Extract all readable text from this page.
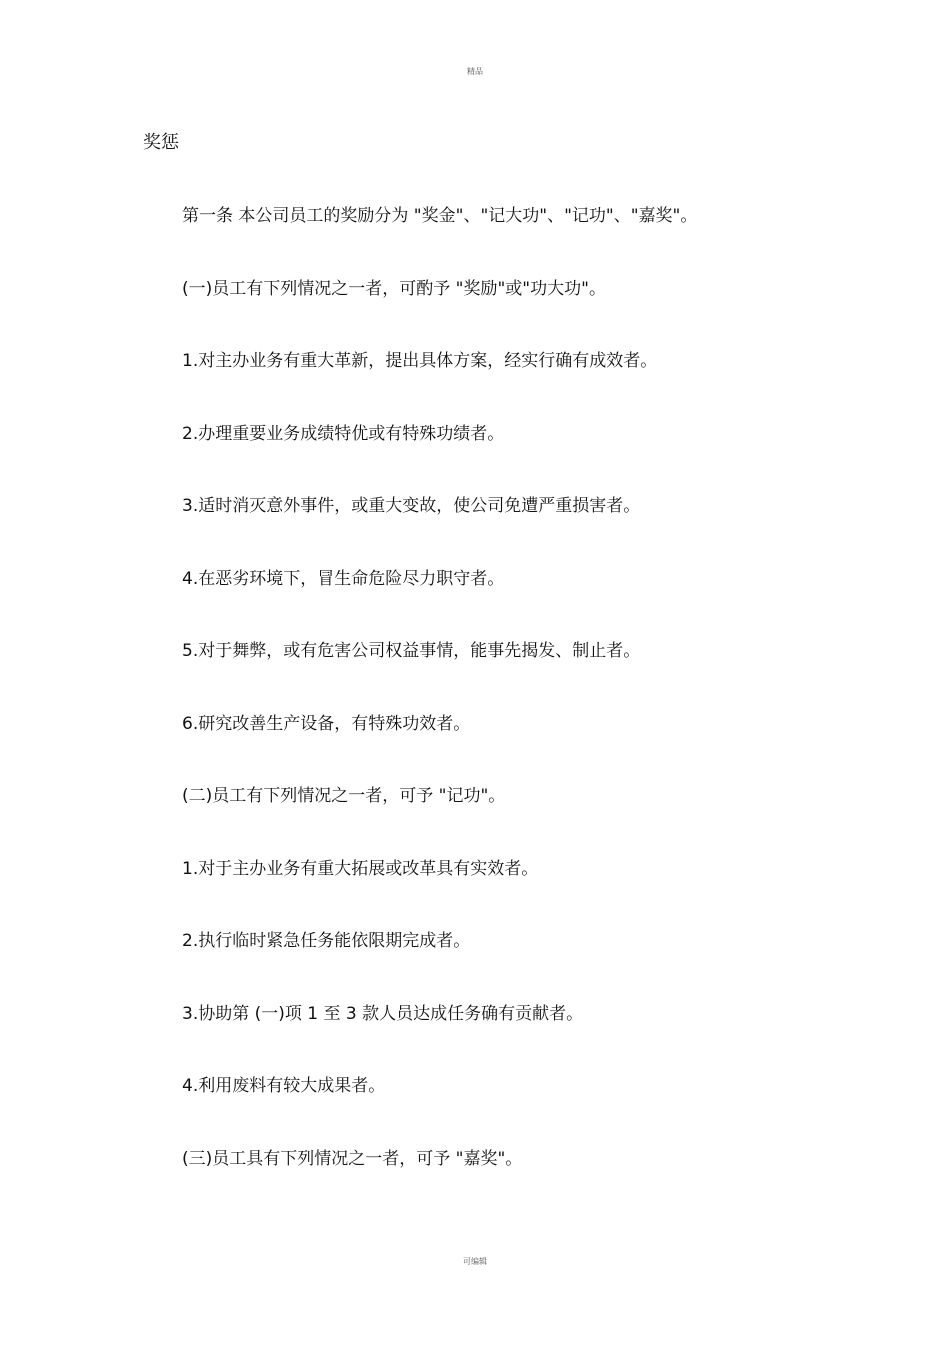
精品
奖惩
第一条 本公司员工的奖励分为 "奖金"、"记大功"、"记功"、"嘉奖"。
(一)员工有下列情况之一者，可酌予 "奖励"或"功大功"。
1.对主办业务有重大革新，提出具体方案，经实行确有成效者。
2.办理重要业务成绩特优或有特殊功绩者。
3.适时消灭意外事件，或重大变故，使公司免遭严重损害者。
4.在恶劣环境下，冒生命危险尽力职守者。
5.对于舞弊，或有危害公司权益事情，能事先揭发、制止者。
6.研究改善生产设备，有特殊功效者。
(二)员工有下列情况之一者，可予 "记功"。
1.对于主办业务有重大拓展或改革具有实效者。
2.执行临时紧急任务能依限期完成者。
3.协助第 (一)项 1 至 3 款人员达成任务确有贡献者。
4.利用废料有较大成果者。
(三)员工具有下列情况之一者，可予 "嘉奖"。
可编辑
